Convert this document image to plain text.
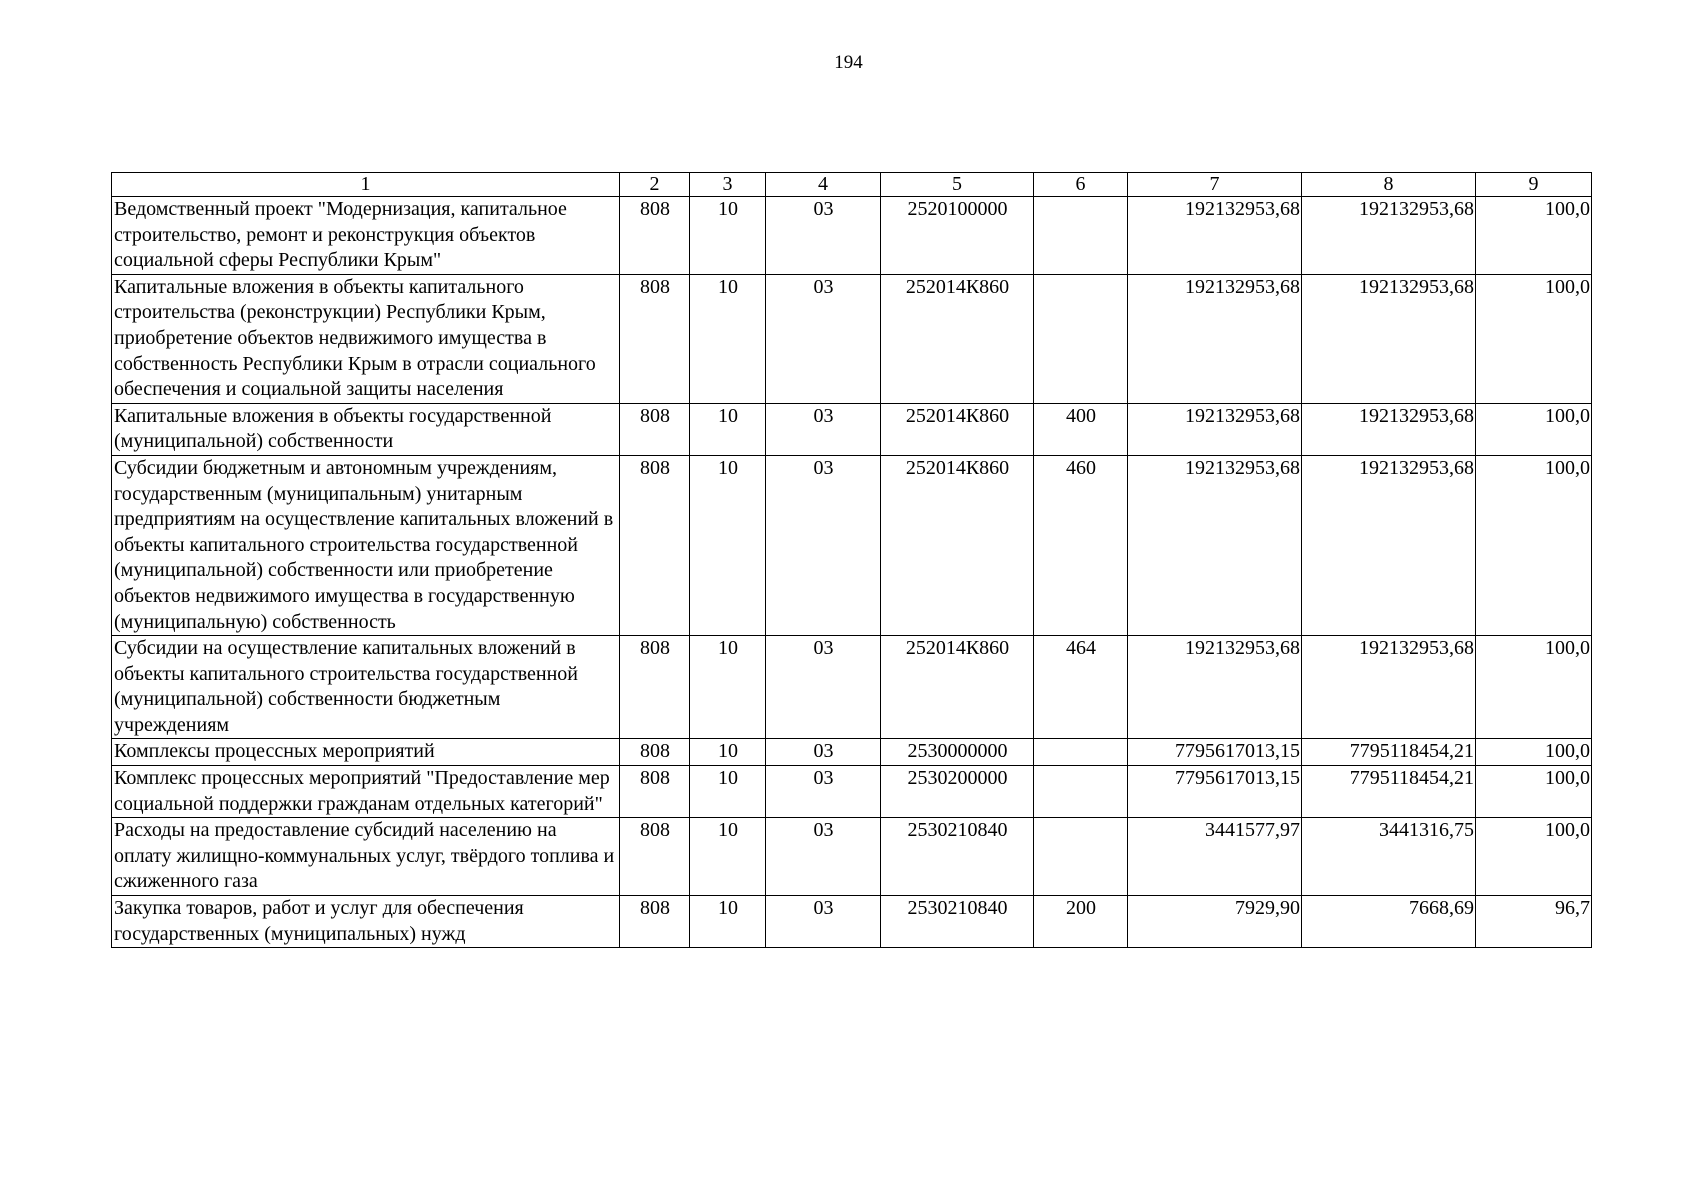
194
1	2	3	4	5	6	7	8	9
Ведомственный проект "Модернизация, капитальное строительство, ремонт и реконструкция объектов социальной сферы Республики Крым"	808	10	03	2520100000		192132953,68	192132953,68	100,0
Капитальные вложения в объекты капитального строительства (реконструкции) Республики Крым, приобретение объектов недвижимого имущества в собственность Республики Крым в отрасли социального обеспечения и социальной защиты населения	808	10	03	252014К860		192132953,68	192132953,68	100,0
Капитальные вложения в объекты государственной (муниципальной) собственности	808	10	03	252014К860	400	192132953,68	192132953,68	100,0
Субсидии бюджетным и автономным учреждениям, государственным (муниципальным) унитарным предприятиям на осуществление капитальных вложений в объекты капитального строительства государственной (муниципальной) собственности или приобретение объектов недвижимого имущества в государственную (муниципальную) собственность	808	10	03	252014К860	460	192132953,68	192132953,68	100,0
Субсидии на осуществление капитальных вложений в объекты капитального строительства государственной (муниципальной) собственности бюджетным учреждениям	808	10	03	252014К860	464	192132953,68	192132953,68	100,0
Комплексы процессных мероприятий	808	10	03	2530000000		7795617013,15	7795118454,21	100,0
Комплекс процессных мероприятий "Предоставление мер социальной поддержки гражданам отдельных категорий"	808	10	03	2530200000		7795617013,15	7795118454,21	100,0
Расходы на предоставление субсидий населению на оплату жилищно-коммунальных услуг, твёрдого топлива и сжиженного газа	808	10	03	2530210840		3441577,97	3441316,75	100,0
Закупка товаров, работ и услуг для обеспечения государственных (муниципальных) нужд	808	10	03	2530210840	200	7929,90	7668,69	96,7
